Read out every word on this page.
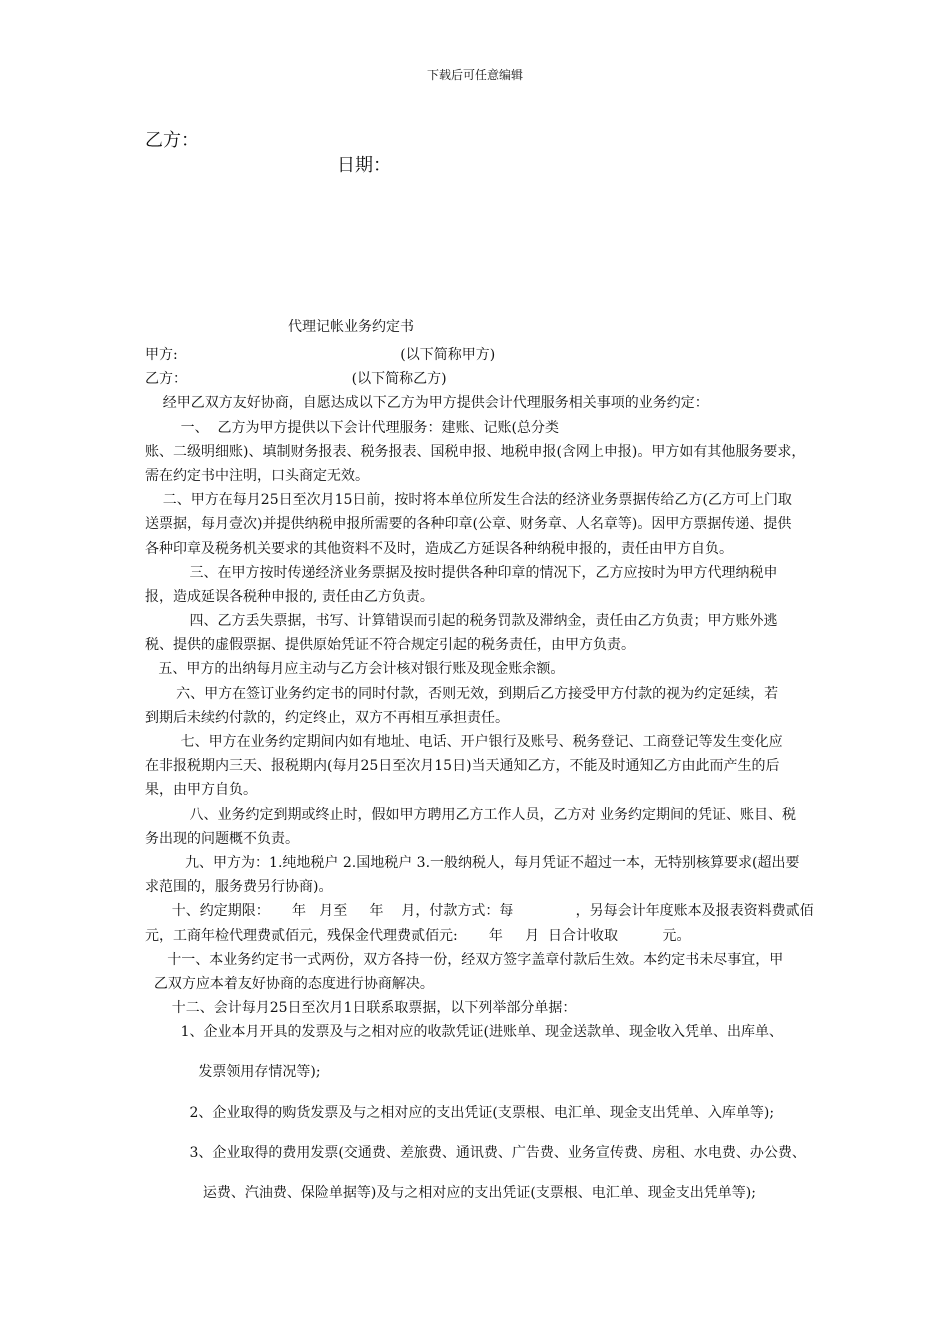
下载后可任意编辑
乙方：
日期：
代理记帐业务约定书
甲方:                                                  (以下简称甲方)
乙方：                                     (以下简称乙方)
经甲乙双方友好协商，自愿达成以下乙方为甲方提供会计代理服务相关事项的业务约定：
一、  乙方为甲方提供以下会计代理服务：建账、记账(总分类
账、二级明细账)、填制财务报表、税务报表、国税申报、地税申报(含网上申报)。甲方如有其他服务要求，
需在约定书中注明，口头商定无效。
二、甲方在每月25日至次月15日前，按时将本单位所发生合法的经济业务票据传给乙方(乙方可上门取
送票据，每月壹次)并提供纳税申报所需要的各种印章(公章、财务章、人名章等)。因甲方票据传递、提供
各种印章及税务机关要求的其他资料不及时，造成乙方延误各种纳税申报的，责任由甲方自负。
三、在甲方按时传递经济业务票据及按时提供各种印章的情况下，乙方应按时为甲方代理纳税申
报，造成延误各税种申报的, 责任由乙方负责。
四、乙方丢失票据，书写、计算错误而引起的税务罚款及滞纳金，责任由乙方负责；甲方账外逃
税、提供的虚假票据、提供原始凭证不符合规定引起的税务责任，由甲方负责。
五、甲方的出纳每月应主动与乙方会计核对银行账及现金账余额。
六、甲方在签订业务约定书的同时付款，否则无效，到期后乙方接受甲方付款的视为约定延续，若
到期后未续约付款的，约定终止，双方不再相互承担责任。
七、甲方在业务约定期间内如有地址、电话、开户银行及账号、税务登记、工商登记等发生变化应
在非报税期内三天、报税期内(每月25日至次月15日)当天通知乙方，不能及时通知乙方由此而产生的后
果，由甲方自负。
八、业务约定到期或终止时，假如甲方聘用乙方工作人员，乙方对 业务约定期间的凭证、账目、税
务出现的问题概不负责。
九、甲方为：1.纯地税户 2.国地税户 3.一般纳税人，每月凭证不超过一本，无特别核算要求(超出要
求范围的，服务费另行协商)。
十、约定期限：     年   月至     年    月，付款方式：每              ，另每会计年度账本及报表资料费贰佰
元，工商年检代理费贰佰元，残保金代理费贰佰元:       年     月  日合计收取          元。
十一、本业务约定书一式两份，双方各持一份，经双方签字盖章付款后生效。本约定书未尽事宜，甲
乙双方应本着友好协商的态度进行协商解决。
十二、会计每月25日至次月1日联系取票据，以下列举部分单据：
1、企业本月开具的发票及与之相对应的收款凭证(进账单、现金送款单、现金收入凭单、出库单、
发票领用存情况等);
2、企业取得的购货发票及与之相对应的支出凭证(支票根、电汇单、现金支出凭单、入库单等);
3、企业取得的费用发票(交通费、差旅费、通讯费、广告费、业务宣传费、房租、水电费、办公费、
运费、汽油费、保险单据等)及与之相对应的支出凭证(支票根、电汇单、现金支出凭单等);
